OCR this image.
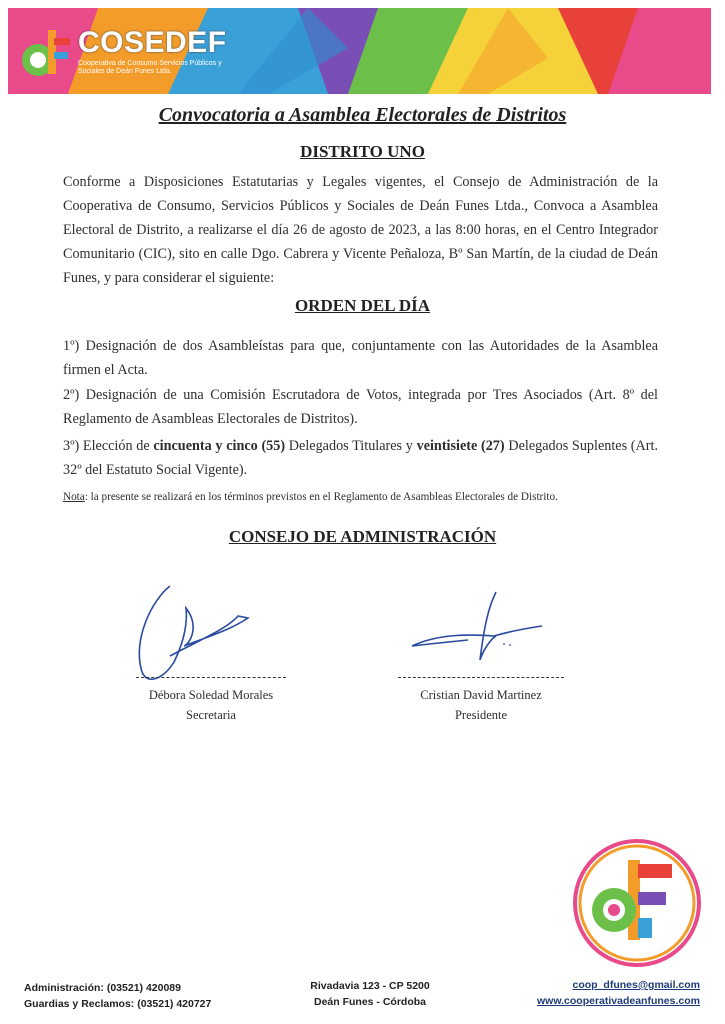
COSEDEF
Cooperativa de Consumo Servicios Públicos y Sociales de Deán Funes Ltda.
Convocatoria a Asamblea Electorales de Distritos
DISTRITO UNO
Conforme a Disposiciones Estatutarias y Legales vigentes, el Consejo de Administración de la Cooperativa de Consumo, Servicios Públicos y Sociales de Deán Funes Ltda., Convoca a Asamblea Electoral de Distrito, a realizarse el día 26 de agosto de 2023, a las 8:00 horas, en el Centro Integrador Comunitario (CIC), sito en calle Dgo. Cabrera y Vicente Peñaloza, Bº San Martín, de la ciudad de Deán Funes, y para considerar el siguiente:
ORDEN DEL DÍA
1º) Designación de dos Asambleístas para que, conjuntamente con las Autoridades de la Asamblea firmen el Acta.
2º) Designación de una Comisión Escrutadora de Votos, integrada por Tres Asociados (Art. 8º del Reglamento de Asambleas Electorales de Distritos).
3º) Elección de cincuenta y cinco (55) Delegados Titulares y veintisiete (27) Delegados Suplentes (Art. 32º del Estatuto Social Vigente).
Nota: la presente se realizará en los términos previstos en el Reglamento de Asambleas Electorales de Distrito.
CONSEJO DE ADMINISTRACIÓN
Débora Soledad Morales
Secretaria
Cristian David Martinez
Presidente
Administración: (03521) 420089
Guardias y Reclamos: (03521) 420727
Rivadavia 123 - CP 5200
Deán Funes - Córdoba
coop_dfunes@gmail.com
www.cooperativadeanfunes.com
